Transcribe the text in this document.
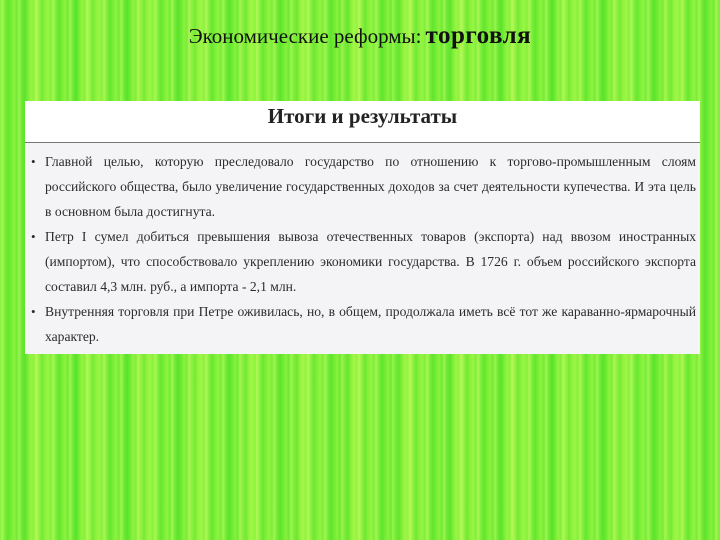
Экономические реформы: торговля
Итоги и результаты
• Главной целью, которую преследовало государство по отношению к торгово-промышленным слоям российского общества, было увеличение государственных доходов за счет деятельности купечества. И эта цель в основном была достигнута.
• Петр I сумел добиться превышения вывоза отечественных товаров (экспорта) над ввозом иностранных (импортом), что способствовало укреплению экономики государства. В 1726 г. объем российского экспорта составил 4,3 млн. руб., а импорта - 2,1 млн.
• Внутренняя торговля при Петре оживилась, но, в общем, продолжала иметь всё тот же караванно-ярмарочный характер.
